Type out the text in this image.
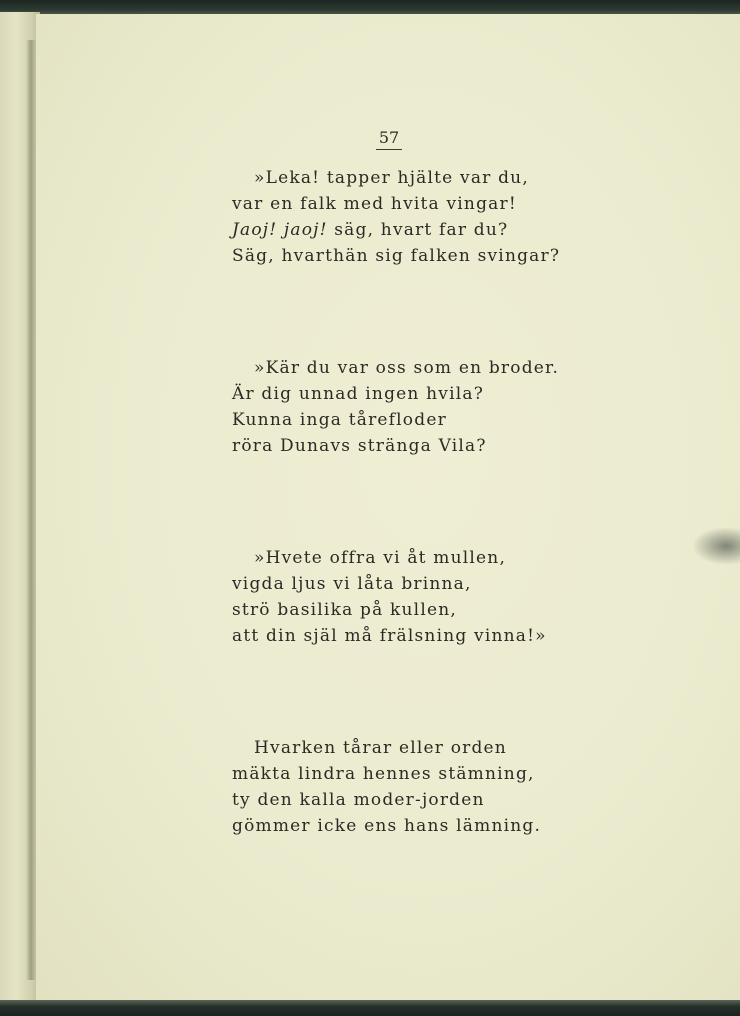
57
»Leka! tapper hjälte var du,
var en falk med hvita vingar!
Jaoj! jaoj! säg, hvart far du?
Säg, hvarthän sig falken svingar?
»Kär du var oss som en broder.
Är dig unnad ingen hvila?
Kunna inga tårefloder
röra Dunavs stränga Vila?
»Hvete offra vi åt mullen,
vigda ljus vi låta brinna,
strö basilika på kullen,
att din själ må frälsning vinna!»
Hvarken tårar eller orden
mäkta lindra hennes stämning,
ty den kalla moder-jorden
gömmer icke ens hans lämning.
